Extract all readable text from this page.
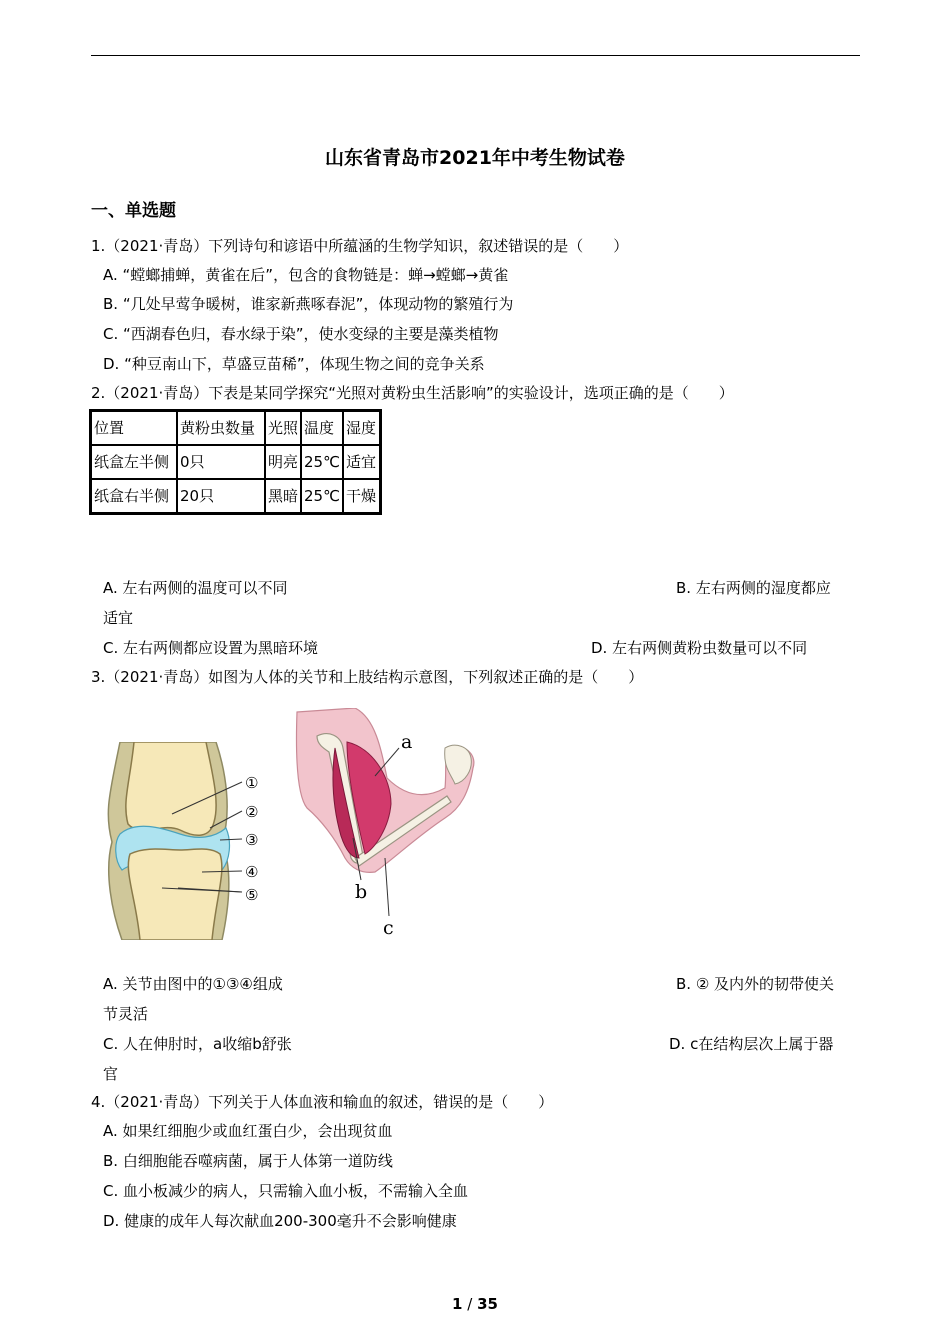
山东省青岛市2021年中考生物试卷
一、单选题
1.（2021·青岛）下列诗句和谚语中所蕴涵的生物学知识，叙述错误的是（　　）
A. “螳螂捕蝉，黄雀在后”，包含的食物链是：蝉→螳螂→黄雀
B. “几处早莺争暖树，谁家新燕啄春泥”，体现动物的繁殖行为
C. “西湖春色归，春水绿于染”，使水变绿的主要是藻类植物
D. “种豆南山下，草盛豆苗稀”，体现生物之间的竞争关系
2.（2021·青岛）下表是某同学探究“光照对黄粉虫生活影响”的实验设计，选项正确的是（　　）
位置	黄粉虫数量	光照	温度	湿度
纸盒左半侧	0只	明亮	25℃	适宜
纸盒右半侧	20只	黑暗	25℃	干燥
A. 左右两侧的温度可以不同	B. 左右两侧的湿度都应
适宜
C. 左右两侧都应设置为黑暗环境	D. 左右两侧黄粉虫数量可以不同
3.（2021·青岛）如图为人体的关节和上肢结构示意图，下列叙述正确的是（　　）
①
②
③
④
⑤
a
b
c
A. 关节由图中的①③④组成	B. ② 及内外的韧带使关
节灵活
C. 人在伸肘时，a收缩b舒张	D. c在结构层次上属于器
官
4.（2021·青岛）下列关于人体血液和输血的叙述，错误的是（　　）
A. 如果红细胞少或血红蛋白少，会出现贫血
B. 白细胞能吞噬病菌，属于人体第一道防线
C. 血小板减少的病人，只需输入血小板，不需输入全血
D. 健康的成年人每次献血200-300毫升不会影响健康
1 / 35
